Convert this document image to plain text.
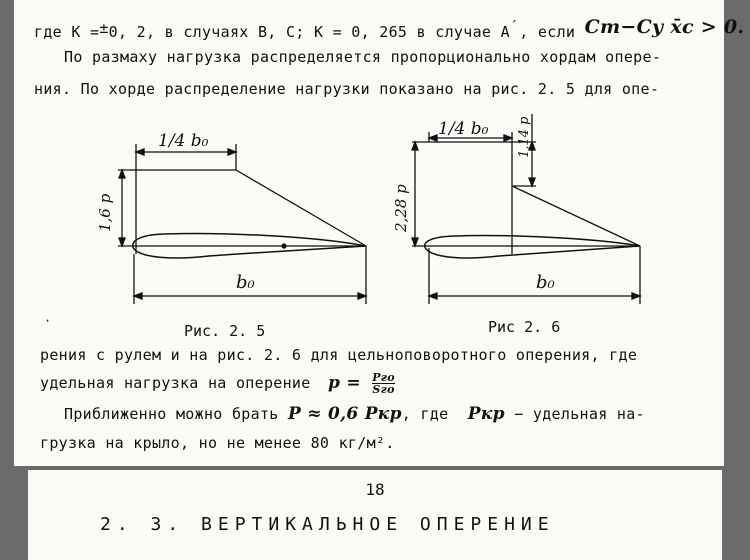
где K =±0, 2, в случаях B, C; K = 0, 265 в случае A′, если Cm−Cy x̄c > 0.
По размаху нагрузка распределяется пропорционально хордам опере-
ния. По хорде распределение нагрузки показано на рис. 2. 5 для опе-
1/4 b₀
1,6 p
b₀
1/4 b₀ 1,14 p
2,28 p
b₀
·
Рис. 2. 5	Рис 2. 6
рения с рулем и на рис. 2. 6 для цельноповоротного оперения, где
удельная нагрузка на оперение p = Pго
Sго
Приближенно можно брать P ≈ 0,6 Pкр, где Pкр − удельная на-
грузка на крыло, но не менее 80 кг/м².
18
2. 3. ВЕРТИКАЛЬНОЕ ОПЕРЕНИЕ
